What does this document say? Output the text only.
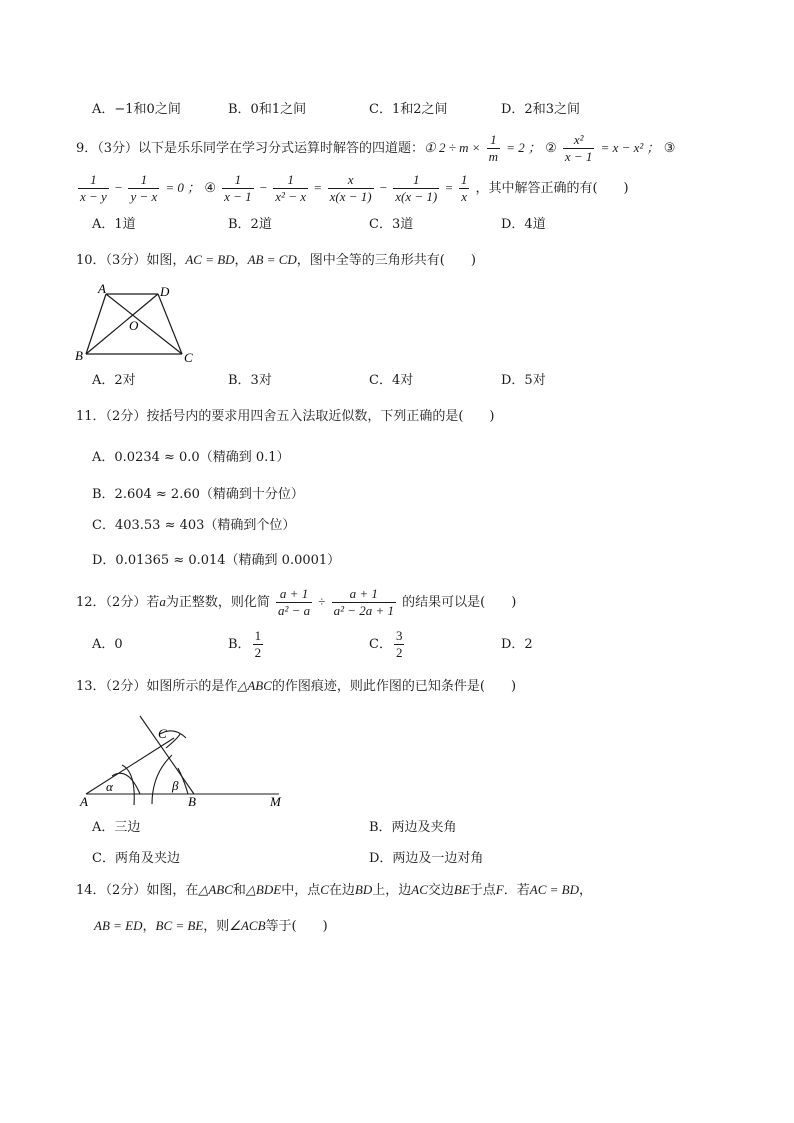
A．−1和0之间	B．0和1之间	C．1和2之间	D．2和3之间
9．（3分）以下是乐乐同学在学习分式运算时解答的四道题：① $2 \div m \times \frac{1}{m} = 2$ ； ② $\frac{\text{x²}}{x - 1} = x - x^2$ ； ③
$\frac{1}{x - y} - \frac{1}{y - x} = 0$ ； ④ $\frac{1}{x - 1} - \frac{1}{\text{x² − x}} = \frac{x}{x(x - 1)} - \frac{1}{x(x - 1)} = \frac{1}{x}$ ，其中解答正确的有(　　)
A．1道	B．2道	C．3道	D．4道
10．（3分）如图，AC = BD，AB = CD，图中全等的三角形共有(　　)
A	D
B	C
O
A．2对	B．3对	C．4对	D．5对
11．（2分）按括号内的要求用四舍五入法取近似数，下列正确的是(　　)
A．0.0234 ≈ 0.0（精确到 0.1）
B．2.604 ≈ 2.60（精确到十分位）
C．403.53 ≈ 403（精确到个位）
D．0.01365 ≈ 0.014（精确到 0.0001）
12．（2分）若a为正整数，则化简 $\frac{a + 1}{\text{a² − a}} \div \frac{a + 1}{\text{a² − 2a + 1}}$ 的结果可以是(　　)
A．0	B． $\frac{1}{2}$	C． $\frac{3}{2}$	D．2
13．（2分）如图所示的是作△ABC的作图痕迹，则此作图的已知条件是(　　)
A	B
C
M
α	β
A．三边	B．两边及夹角
C．两角及夹边	D．两边及一边对角
14．（2分）如图，在△ABC和△BDE中，点C在边BD上，边AC交边BE于点F．若AC = BD，
AB = ED，BC = BE，则∠ACB等于(　　)
